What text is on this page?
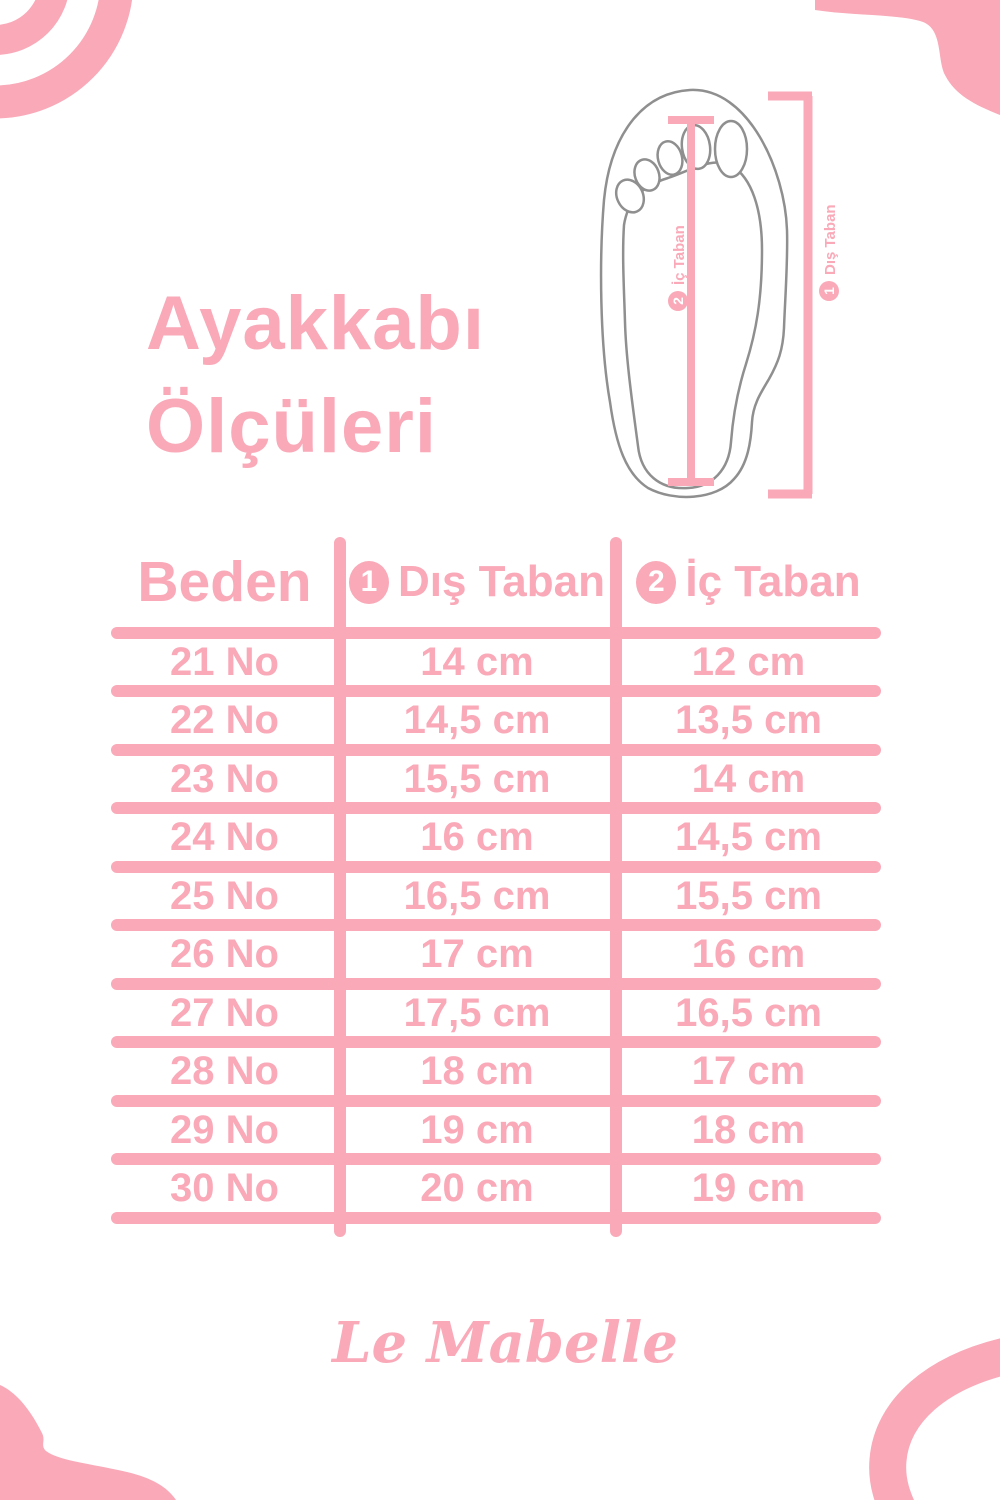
Ayakkabı
Ölçüleri
2
İç Taban
1
Dış Taban
Beden	1 Dış Taban	2 İç Taban
21 No	14 cm	12 cm
22 No	14,5 cm	13,5 cm
23 No	15,5 cm	14 cm
24 No	16 cm	14,5 cm
25 No	16,5 cm	15,5 cm
26 No	17 cm	16 cm
27 No	17,5 cm	16,5 cm
28 No	18 cm	17 cm
29 No	19 cm	18 cm
30 No	20 cm	19 cm
Le Mabelle
